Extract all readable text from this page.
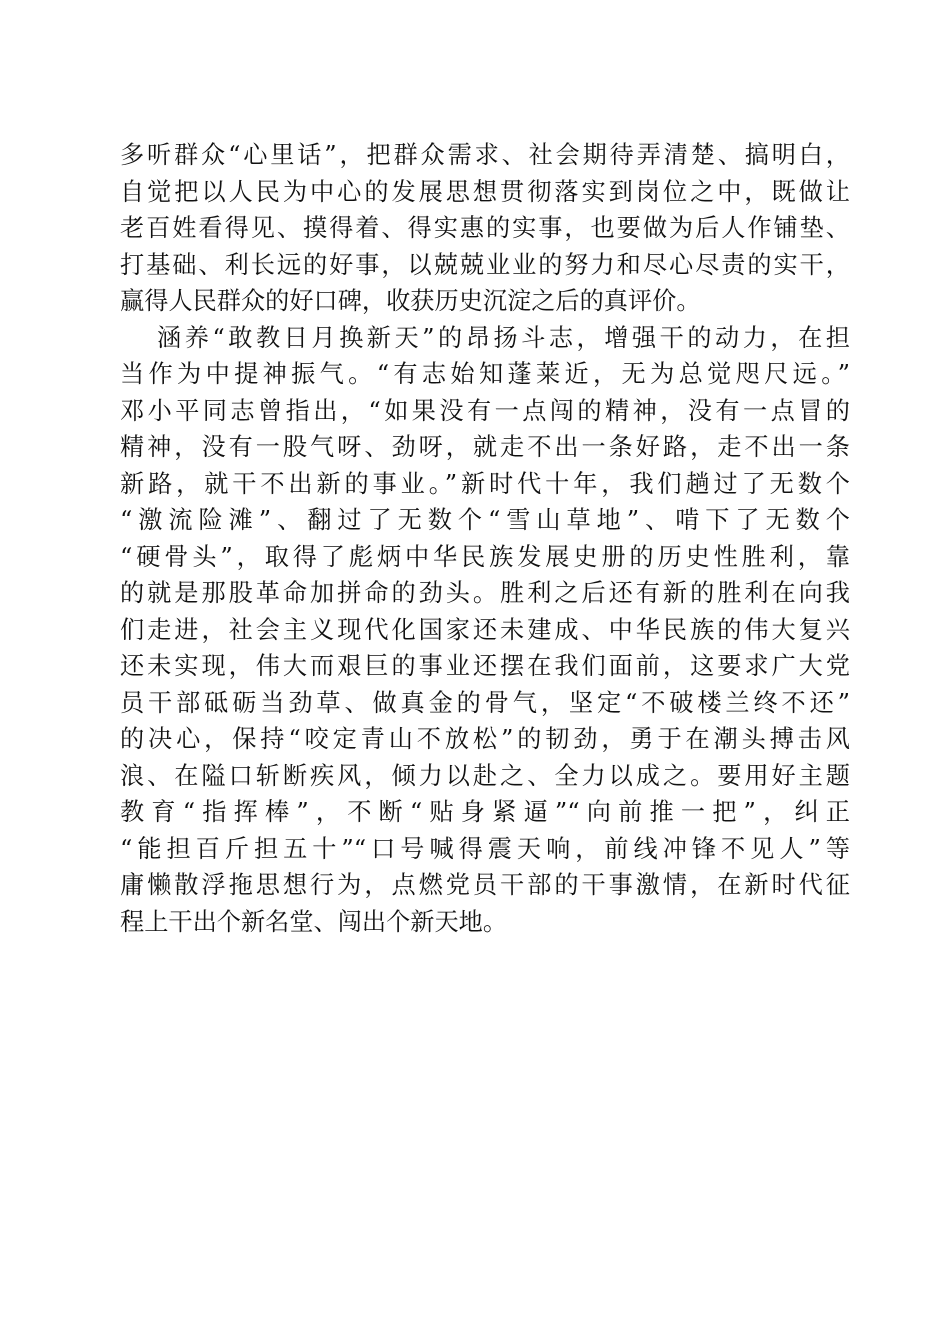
多听群众“心里话”，把群众需求、社会期待弄清楚、搞明白，
自觉把以人民为中心的发展思想贯彻落实到岗位之中，既做让
老百姓看得见、摸得着、得实惠的实事，也要做为后人作铺垫、
打基础、利长远的好事，以兢兢业业的努力和尽心尽责的实干，
赢得人民群众的好口碑，收获历史沉淀之后的真评价。
涵养“敢教日月换新天”的昂扬斗志，增强干的动力，在担
当作为中提神振气。“有志始知蓬莱近，无为总觉咫尺远。”
邓小平同志曾指出，“如果没有一点闯的精神，没有一点冒的
精神，没有一股气呀、劲呀，就走不出一条好路，走不出一条
新路，就干不出新的事业。”新时代十年，我们趟过了无数个
“激流险滩”、翻过了无数个“雪山草地”、啃下了无数个
“硬骨头”，取得了彪炳中华民族发展史册的历史性胜利，靠
的就是那股革命加拼命的劲头。胜利之后还有新的胜利在向我
们走进，社会主义现代化国家还未建成、中华民族的伟大复兴
还未实现，伟大而艰巨的事业还摆在我们面前，这要求广大党
员干部砥砺当劲草、做真金的骨气，坚定“不破楼兰终不还”
的决心，保持“咬定青山不放松”的韧劲，勇于在潮头搏击风
浪、在隘口斩断疾风，倾力以赴之、全力以成之。要用好主题
教育“指挥棒”，不断“贴身紧逼”“向前推一把”，纠正
“能担百斤担五十”“口号喊得震天响，前线冲锋不见人”等
庸懒散浮拖思想行为，点燃党员干部的干事激情，在新时代征
程上干出个新名堂、闯出个新天地。
